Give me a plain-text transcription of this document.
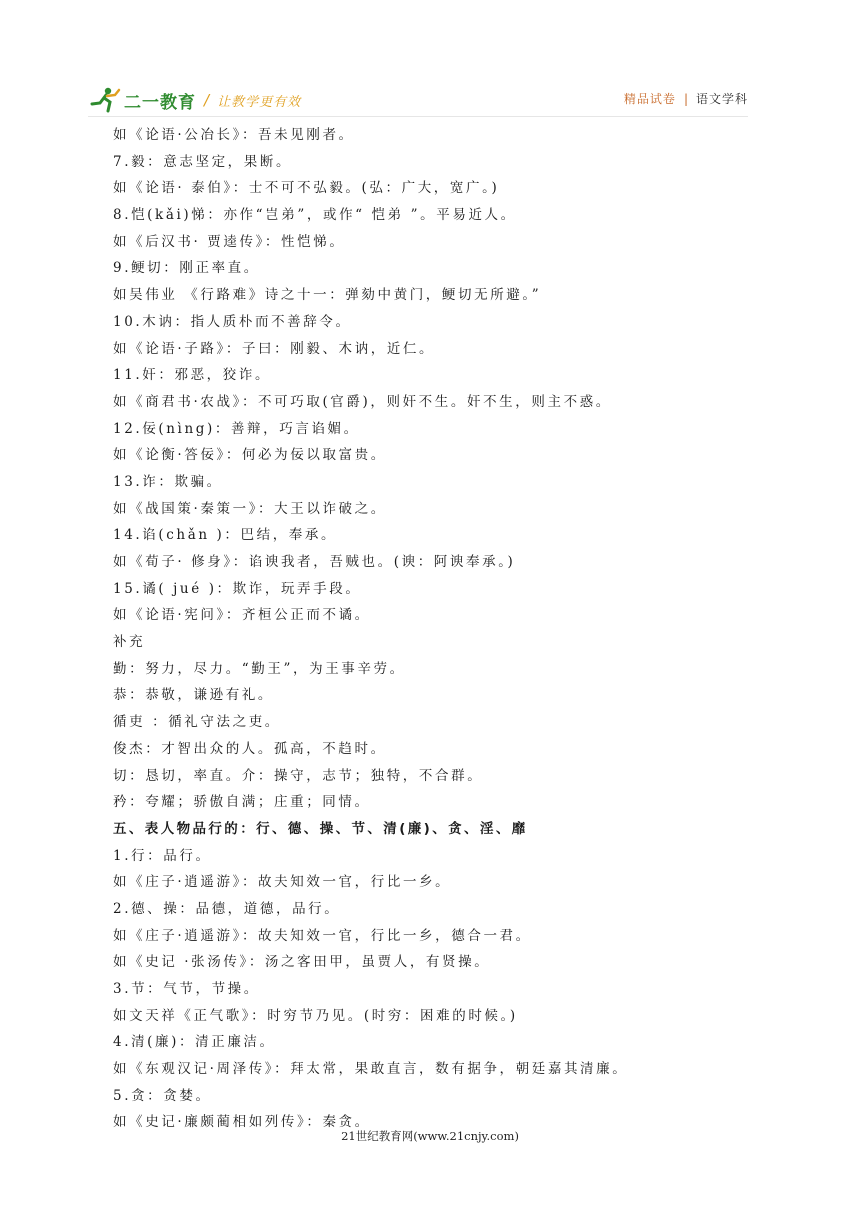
二一教育 / 让教学更有效	精品试卷 | 语文学科
如《论语·公冶长》：吾未见刚者。
7.毅：意志坚定，果断。
如《论语· 泰伯》：士不可不弘毅。(弘：广大，宽广。)
8.恺(kǎi)悌：亦作“岂弟”，或作“ 恺弟 ”。平易近人。
如《后汉书· 贾逵传》：性恺悌。
9.鲠切：刚正率直。
如吴伟业 《行路难》诗之十一：弹劾中黄门，鲠切无所避。”
10.木讷：指人质朴而不善辞令。
如《论语·子路》：子曰：刚毅、木讷，近仁。
11.奸：邪恶，狡诈。
如《商君书·农战》：不可巧取(官爵)，则奸不生。奸不生，则主不惑。
12.佞(nìng)：善辩，巧言谄媚。
如《论衡·答佞》：何必为佞以取富贵。
13.诈：欺骗。
如《战国策·秦策一》：大王以诈破之。
14.谄(chǎn )：巴结，奉承。
如《荀子· 修身》：谄谀我者，吾贼也。(谀：阿谀奉承。)
15.谲( jué )：欺诈，玩弄手段。
如《论语·宪问》：齐桓公正而不谲。
补充
勤：努力，尽力。“勤王”，为王事辛劳。
恭：恭敬，谦逊有礼。
循吏 ：循礼守法之吏。
俊杰：才智出众的人。孤高，不趋时。
切：恳切，率直。介：操守，志节；独特，不合群。
矜：夸耀；骄傲自满；庄重；同情。
五、表人物品行的：行、德、操、节、清(廉)、贪、淫、靡
1.行：品行。
如《庄子·逍遥游》：故夫知效一官，行比一乡。
2.德、操：品德，道德，品行。
如《庄子·逍遥游》：故夫知效一官，行比一乡，德合一君。
如《史记 ·张汤传》：汤之客田甲，虽贾人，有贤操。
3.节：气节，节操。
如文天祥《正气歌》：时穷节乃见。(时穷：困难的时候。)
4.清(廉)：清正廉洁。
如《东观汉记·周泽传》：拜太常，果敢直言，数有据争，朝廷嘉其清廉。
5.贪：贪婪。
如《史记·廉颇蔺相如列传》：秦贪。
21世纪教育网(www.21cnjy.com)
